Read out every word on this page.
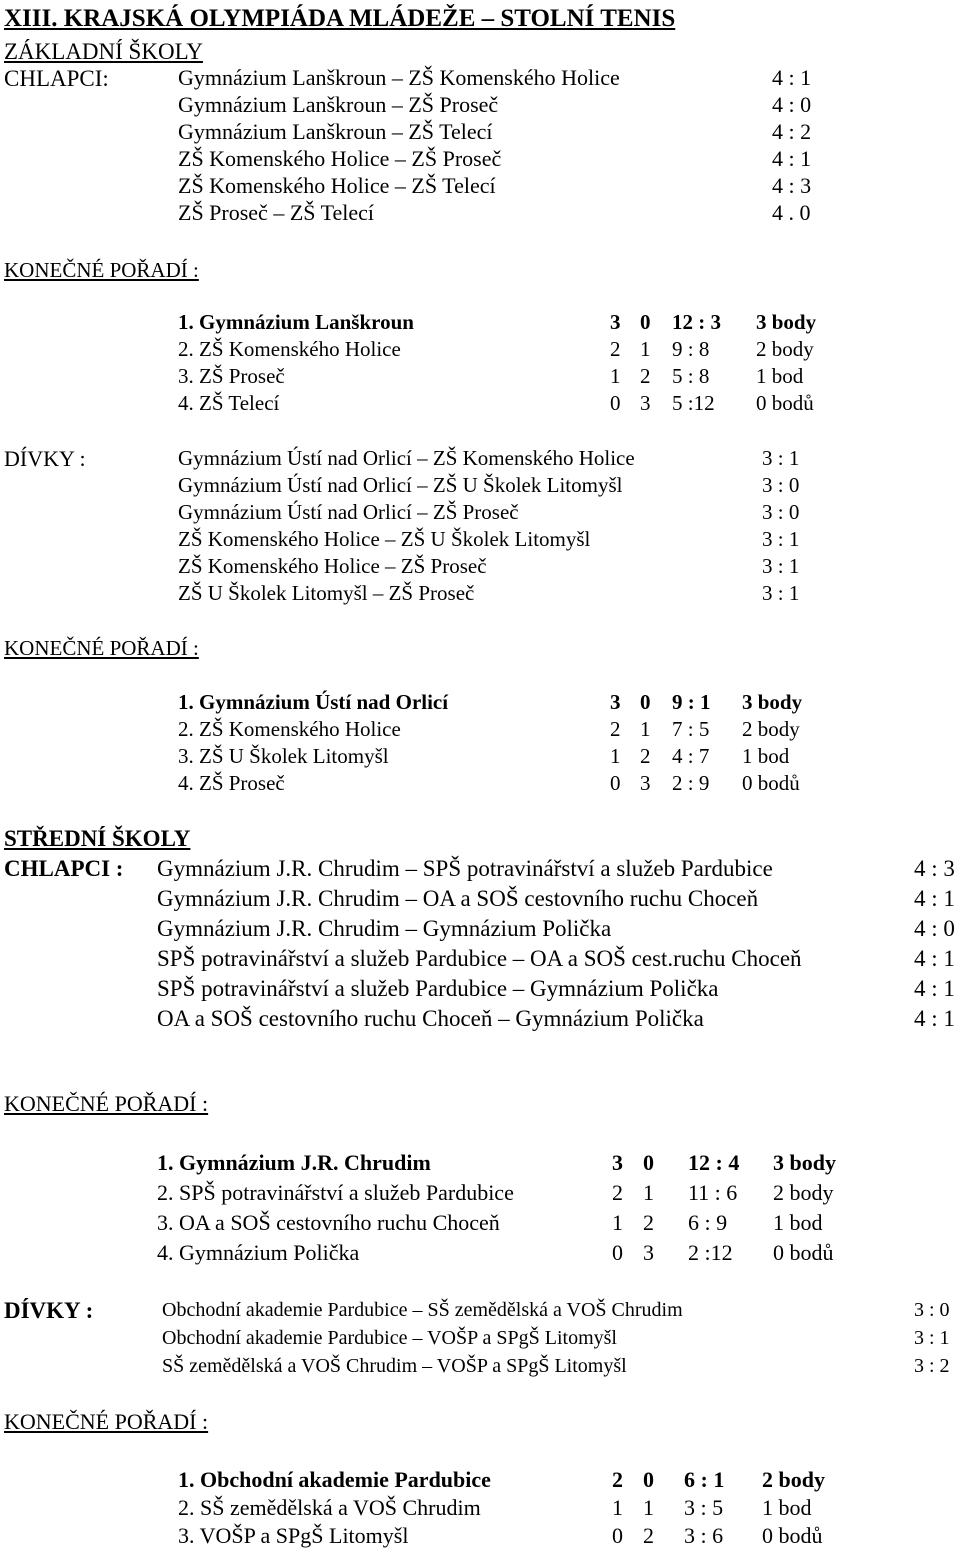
XIII. KRAJSKÁ OLYMPIÁDA MLÁDEŽE – STOLNÍ TENIS
ZÁKLADNÍ ŠKOLY
CHLAPCI:	Gymnázium Lanškroun – ZŠ Komenského Holice	4 : 1
Gymnázium Lanškroun – ZŠ Proseč	4 : 0
Gymnázium Lanškroun – ZŠ Telecí	4 : 2
ZŠ Komenského Holice – ZŠ Proseč	4 : 1
ZŠ Komenského Holice – ZŠ Telecí	4 : 3
ZŠ Proseč – ZŠ Telecí	4 . 0
KONEČNÉ POŘADÍ :
1. Gymnázium Lanškroun	3 0 12 : 3 3 body
2. ZŠ Komenského Holice	2 1 9 : 8 2 body
3. ZŠ Proseč	1 2 5 : 8 1 bod
4. ZŠ Telecí	0 3 5 :12 0 bodů
DÍVKY :	Gymnázium Ústí nad Orlicí – ZŠ Komenského Holice	3 : 1
Gymnázium Ústí nad Orlicí – ZŠ U Školek Litomyšl	3 : 0
Gymnázium Ústí nad Orlicí – ZŠ Proseč	3 : 0
ZŠ Komenského Holice – ZŠ U Školek Litomyšl	3 : 1
ZŠ Komenského Holice – ZŠ Proseč	3 : 1
ZŠ U Školek Litomyšl – ZŠ Proseč	3 : 1
KONEČNÉ POŘADÍ :
1. Gymnázium Ústí nad Orlicí	3 0 9 : 1 3 body
2. ZŠ Komenského Holice	2 1 7 : 5 2 body
3. ZŠ U Školek Litomyšl	1 2 4 : 7 1 bod
4. ZŠ Proseč	0 3 2 : 9 0 bodů
STŘEDNÍ ŠKOLY
CHLAPCI : Gymnázium J.R. Chrudim – SPŠ potravinářství a služeb Pardubice	4 : 3
Gymnázium J.R. Chrudim – OA a SOŠ cestovního ruchu Choceň	4 : 1
Gymnázium J.R. Chrudim – Gymnázium Polička	4 : 0
SPŠ potravinářství a služeb Pardubice – OA a SOŠ cest.ruchu Choceň	4 : 1
SPŠ potravinářství a služeb Pardubice – Gymnázium Polička	4 : 1
OA a SOŠ cestovního ruchu Choceň – Gymnázium Polička	4 : 1
KONEČNÉ POŘADÍ :
1. Gymnázium J.R. Chrudim	3 0 12 : 4 3 body
2. SPŠ potravinářství a služeb Pardubice	2 1 11 : 6 2 body
3. OA a SOŠ cestovního ruchu Choceň	1 2 6 : 9 1 bod
4. Gymnázium Polička	0 3 2 :12 0 bodů
DÍVKY :	Obchodní akademie Pardubice – SŠ zemědělská a VOŠ Chrudim	3 : 0
Obchodní akademie Pardubice – VOŠP a SPgŠ Litomyšl	3 : 1
SŠ zemědělská a VOŠ Chrudim – VOŠP a SPgŠ Litomyšl	3 : 2
KONEČNÉ POŘADÍ :
1. Obchodní akademie Pardubice	2 0 6 : 1 2 body
2. SŠ zemědělská a VOŠ Chrudim	1 1 3 : 5 1 bod
3. VOŠP a SPgŠ Litomyšl	0 2 3 : 6 0 bodů
